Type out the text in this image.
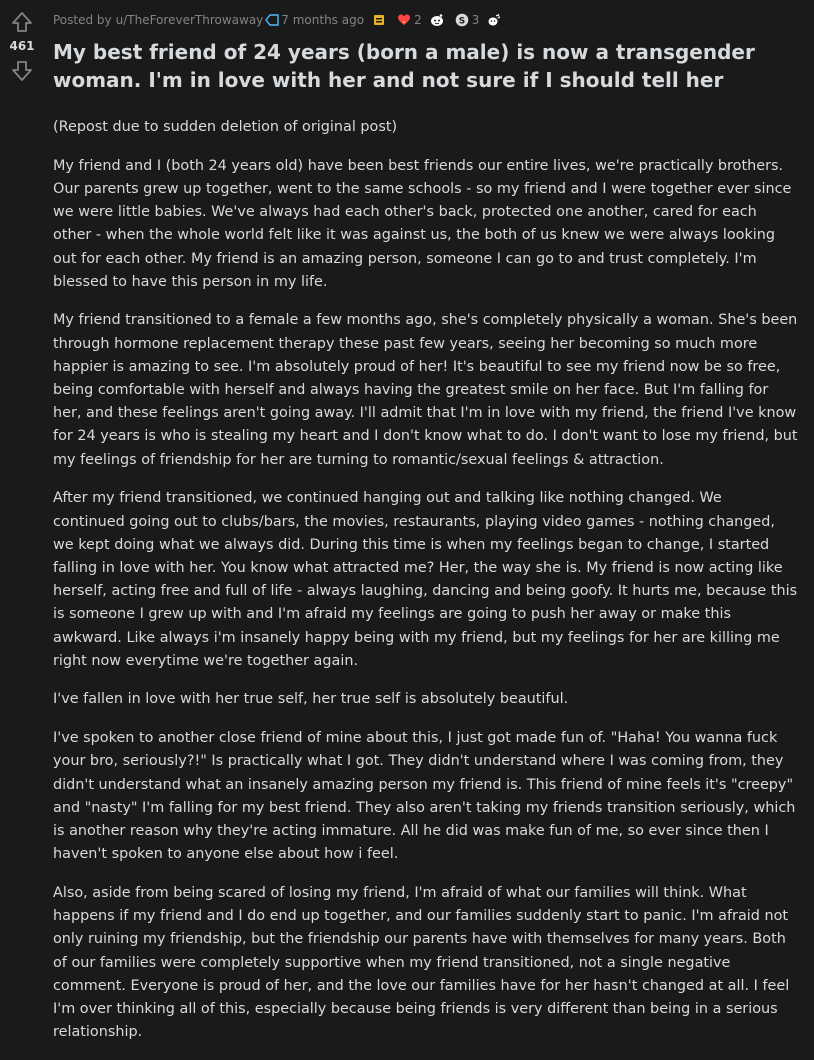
461
Posted by u/TheForeverThrowaway 7 months ago	2	S 3
My best friend of 24 years (born a male) is now a transgender woman. I'm in love with her and not sure if I should tell her

(Repost due to sudden deletion of original post)

My friend and I (both 24 years old) have been best friends our entire lives, we're practically brothers. Our parents grew up together, went to the same schools - so my friend and I were together ever since we were little babies. We've always had each other's back, protected one another, cared for each other - when the whole world felt like it was against us, the both of us knew we were always looking out for each other. My friend is an amazing person, someone I can go to and trust completely. I'm blessed to have this person in my life.

My friend transitioned to a female a few months ago, she's completely physically a woman. She's been through hormone replacement therapy these past few years, seeing her becoming so much more happier is amazing to see. I'm absolutely proud of her! It's beautiful to see my friend now be so free, being comfortable with herself and always having the greatest smile on her face. But I'm falling for her, and these feelings aren't going away. I'll admit that I'm in love with my friend, the friend I've know for 24 years is who is stealing my heart and I don't know what to do. I don't want to lose my friend, but my feelings of friendship for her are turning to romantic/sexual feelings & attraction.

After my friend transitioned, we continued hanging out and talking like nothing changed. We continued going out to clubs/bars, the movies, restaurants, playing video games - nothing changed, we kept doing what we always did. During this time is when my feelings began to change, I started falling in love with her. You know what attracted me? Her, the way she is. My friend is now acting like herself, acting free and full of life - always laughing, dancing and being goofy. It hurts me, because this is someone I grew up with and I'm afraid my feelings are going to push her away or make this awkward. Like always i'm insanely happy being with my friend, but my feelings for her are killing me right now everytime we're together again.

I've fallen in love with her true self, her true self is absolutely beautiful.

I've spoken to another close friend of mine about this, I just got made fun of. "Haha! You wanna fuck your bro, seriously?!" Is practically what I got. They didn't understand where I was coming from, they didn't understand what an insanely amazing person my friend is. This friend of mine feels it's "creepy" and "nasty" I'm falling for my best friend. They also aren't taking my friends transition seriously, which is another reason why they're acting immature. All he did was make fun of me, so ever since then I haven't spoken to anyone else about how i feel.

Also, aside from being scared of losing my friend, I'm afraid of what our families will think. What happens if my friend and I do end up together, and our families suddenly start to panic. I'm afraid not only ruining my friendship, but the friendship our parents have with themselves for many years. Both of our families were completely supportive when my friend transitioned, not a single negative comment. Everyone is proud of her, and the love our families have for her hasn't changed at all. I feel I'm over thinking all of this, especially because being friends is very different than being in a serious relationship.
